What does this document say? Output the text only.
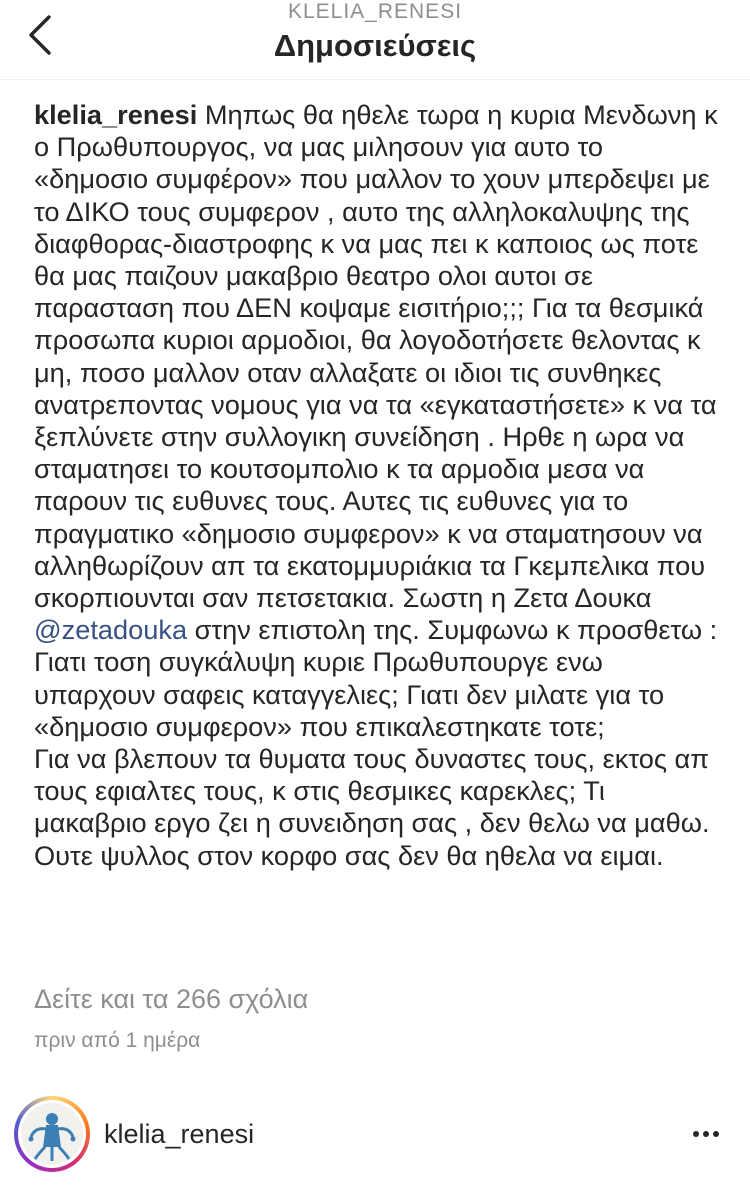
KLELIA_RENESI
Δημοσιεύσεις

klelia_renesi Μηπως θα ηθελε τωρα η κυρια Μενδωνη κ ο Πρωθυπουργος, να μας μιλησουν για αυτο το «δημοσιο συμφέρον» που μαλλον το χουν μπερδεψει με το ΔΙΚΟ τους συμφερον , αυτο της αλληλοκαλυψης της διαφθορας-διαστροφης κ να μας πει κ καποιος ως ποτε θα μας παιζουν μακαβριο θεατρο ολοι αυτοι σε παρασταση που ΔΕΝ κοψαμε εισιτήριο;;; Για τα θεσμικά προσωπα κυριοι αρμοδιοι, θα λογοδοτήσετε θελοντας κ μη, ποσο μαλλον οταν αλλαξατε οι ιδιοι τις συνθηκες ανατρεποντας νομους για να τα «εγκαταστήσετε» κ να τα ξεπλύνετε στην συλλογικη συνείδηση . Ηρθε η ωρα να σταματησει το κουτσομπολιο κ τα αρμοδια μεσα να παρουν τις ευθυνες τους. Αυτες τις ευθυνες για το πραγματικο «δημοσιο συμφερον» κ να σταματησουν να αλληθωρίζουν απ τα εκατομμυριάκια τα Γκεμπελικα που σκορπιουνται σαν πετσετακια. Σωστη η Ζετα Δουκα @zetadouka στην επιστολη της. Συμφωνω κ προσθετω : Γιατι τοση συγκάλυψη κυριε Πρωθυπουργε ενω υπαρχουν σαφεις καταγγελιες; Γιατι δεν μιλατε για το «δημοσιο συμφερον» που επικαλεστηκατε τοτε;

Για να βλεπουν τα θυματα τους δυναστες τους, εκτος απ τους εφιαλτες τους, κ στις θεσμικες καρεκλες; Τι μακαβριο εργο ζει η συνειδηση σας , δεν θελω να μαθω. Ουτε ψυλλος στον κορφο σας δεν θα ηθελα να ειμαι.

Δείτε και τα 266 σχόλια
πριν από 1 ημέρα
klelia_renesi
